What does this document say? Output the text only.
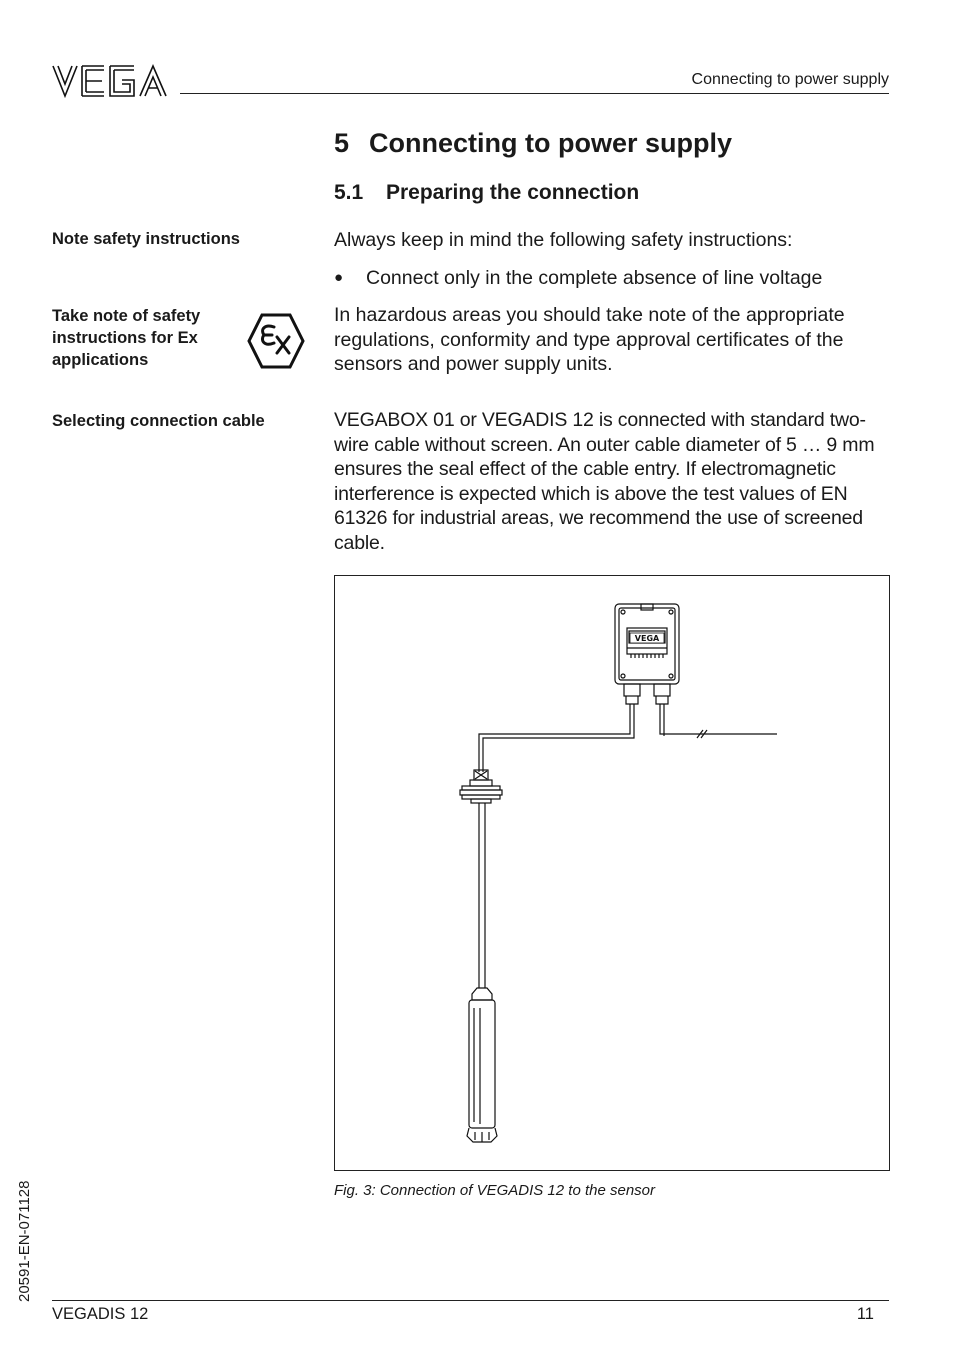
Connecting to power supply
5 Connecting to power supply
5.1 Preparing the connection
Note safety instructions
Take note of safety instructions for Ex applications
Selecting connection cable
Always keep in mind the following safety instructions:
● Connect only in the complete absence of line voltage
In hazardous areas you should take note of the appropriate regulations, conformity and type approval certificates of the sensors and power supply units.
VEGABOX 01 or VEGADIS 12 is connected with standard two-wire cable without screen. An outer cable diameter of 5 … 9 mm ensures the seal effect of the cable entry. If electromagnetic interference is expected which is above the test values of EN 61326 for industrial areas, we recommend the use of screened cable.
VEGA
Fig. 3: Connection of VEGADIS 12 to the sensor
20591-EN-071128
VEGADIS 12	11
